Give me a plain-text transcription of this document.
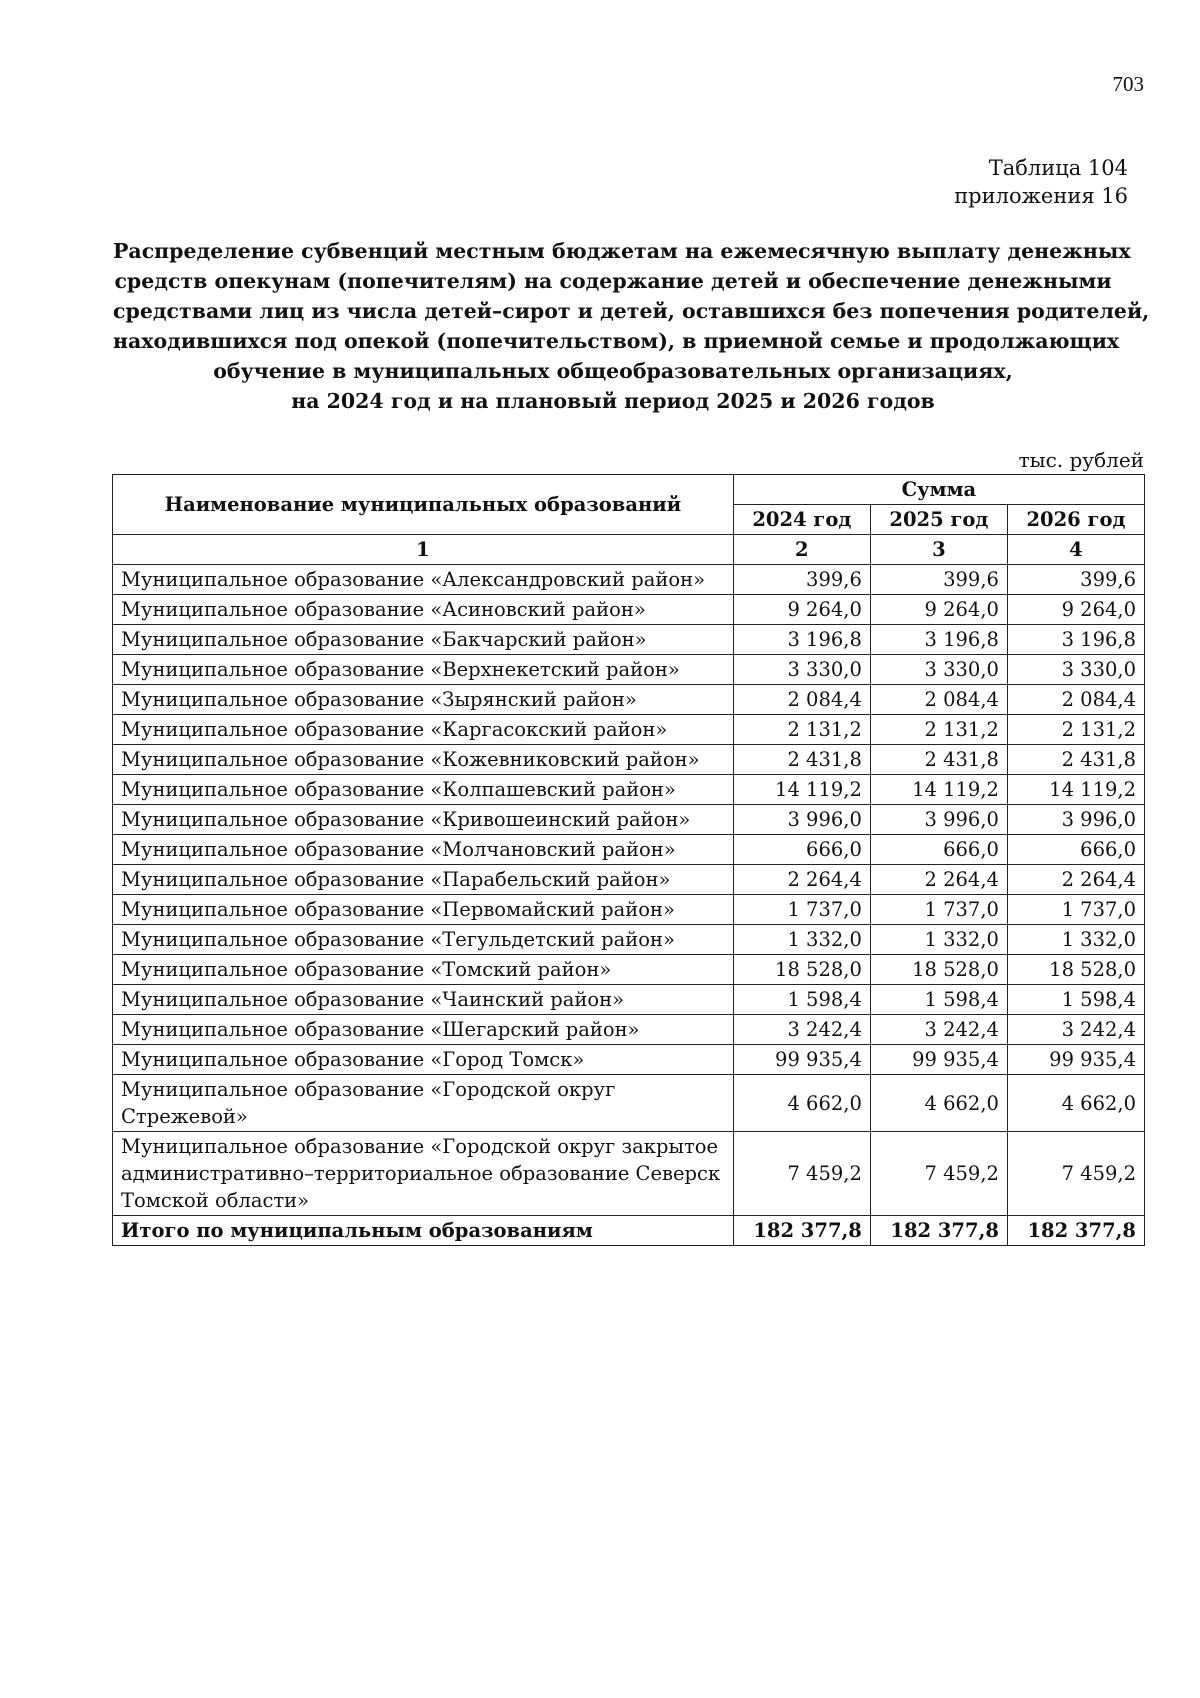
703
Таблица 104
приложения 16
Распределение субвенций местным бюджетам на ежемесячную выплату денежных
средств опекунам (попечителям) на содержание детей и обеспечение денежными
средствами лиц из числа детей–сирот и детей, оставшихся без попечения родителей,
находившихся под опекой (попечительством), в приемной семье и продолжающих
обучение в муниципальных общеобразовательных организациях,
на 2024 год и на плановый период 2025 и 2026 годов
тыс. рублей
Наименование муниципальных образований	Сумма		
	2024 год	2025 год	2026 год
1	2	3	4
Муниципальное образование «Александровский район»	399,6	399,6	399,6
Муниципальное образование «Асиновский район»	9 264,0	9 264,0	9 264,0
Муниципальное образование «Бакчарский район»	3 196,8	3 196,8	3 196,8
Муниципальное образование «Верхнекетский район»	3 330,0	3 330,0	3 330,0
Муниципальное образование «Зырянский район»	2 084,4	2 084,4	2 084,4
Муниципальное образование «Каргасокский район»	2 131,2	2 131,2	2 131,2
Муниципальное образование «Кожевниковский район»	2 431,8	2 431,8	2 431,8
Муниципальное образование «Колпашевский район»	14 119,2	14 119,2	14 119,2
Муниципальное образование «Кривошеинский район»	3 996,0	3 996,0	3 996,0
Муниципальное образование «Молчановский район»	666,0	666,0	666,0
Муниципальное образование «Парабельский район»	2 264,4	2 264,4	2 264,4
Муниципальное образование «Первомайский район»	1 737,0	1 737,0	1 737,0
Муниципальное образование «Тегульдетский район»	1 332,0	1 332,0	1 332,0
Муниципальное образование «Томский район»	18 528,0	18 528,0	18 528,0
Муниципальное образование «Чаинский район»	1 598,4	1 598,4	1 598,4
Муниципальное образование «Шегарский район»	3 242,4	3 242,4	3 242,4
Муниципальное образование «Город Томск»	99 935,4	99 935,4	99 935,4
Муниципальное образование «Городской округ Стрежевой»	4 662,0	4 662,0	4 662,0
Муниципальное образование «Городской округ закрытое административно–территориальное образование Северск Томской области»	7 459,2	7 459,2	7 459,2
Итого по муниципальным образованиям	182 377,8	182 377,8	182 377,8
